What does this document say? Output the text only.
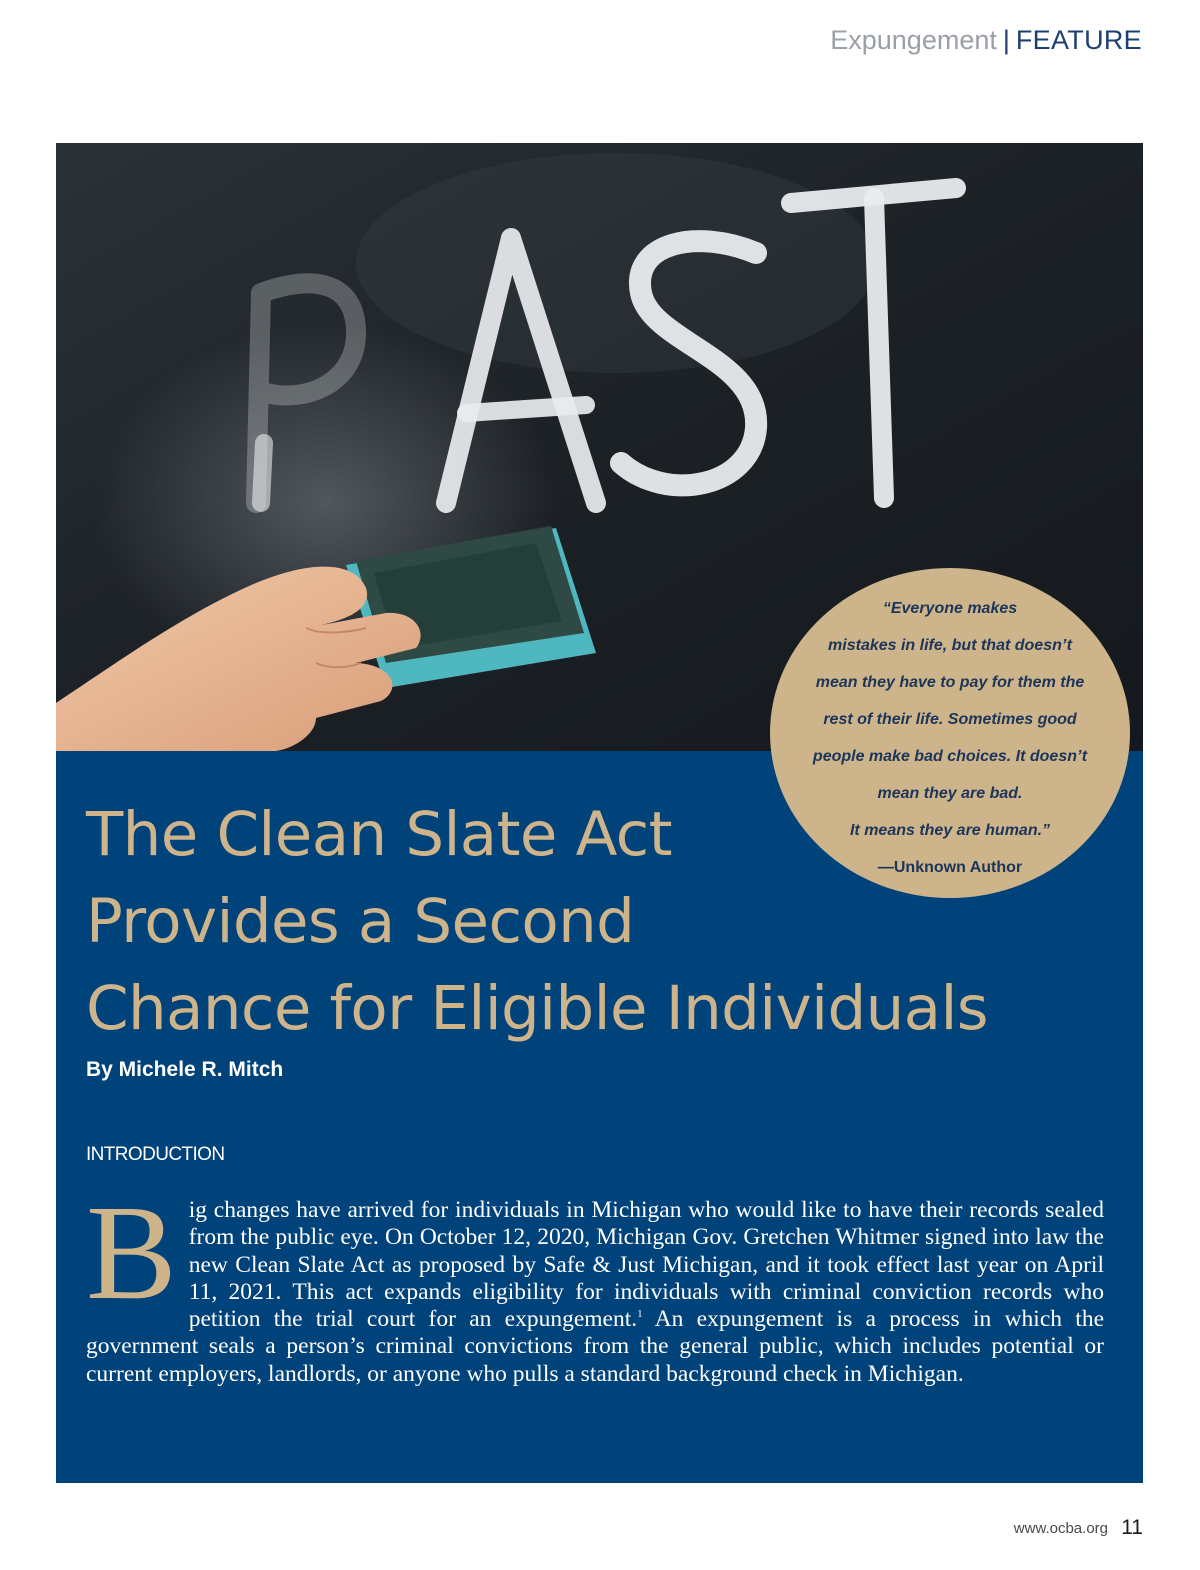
Expungement | FEATURE
The Clean Slate Act
Provides a Second
Chance for Eligible Individuals
By Michele R. Mitch
INTRODUCTION

Big changes have arrived for individuals in Michigan who would like to have their records sealed from the public eye. On October 12, 2020, Michigan Gov. Gretchen Whitmer signed into law the new Clean Slate Act as proposed by Safe & Just Michigan, and it took effect last year on April 11, 2021. This act expands eligibility for individuals with criminal conviction records who petition the trial court for an expungement.$^1$ An expungement is a process in which the government seals a person’s criminal convictions from the general public, which includes potential or current employers, landlords, or anyone who pulls a standard background check in Michigan.

“Everyone makes
mistakes in life, but that doesn’t
mean they have to pay for them the
rest of their life. Sometimes good
people make bad choices. It doesn’t
mean they are bad.
It means they are human.”
—Unknown Author

www.ocba.org 11
